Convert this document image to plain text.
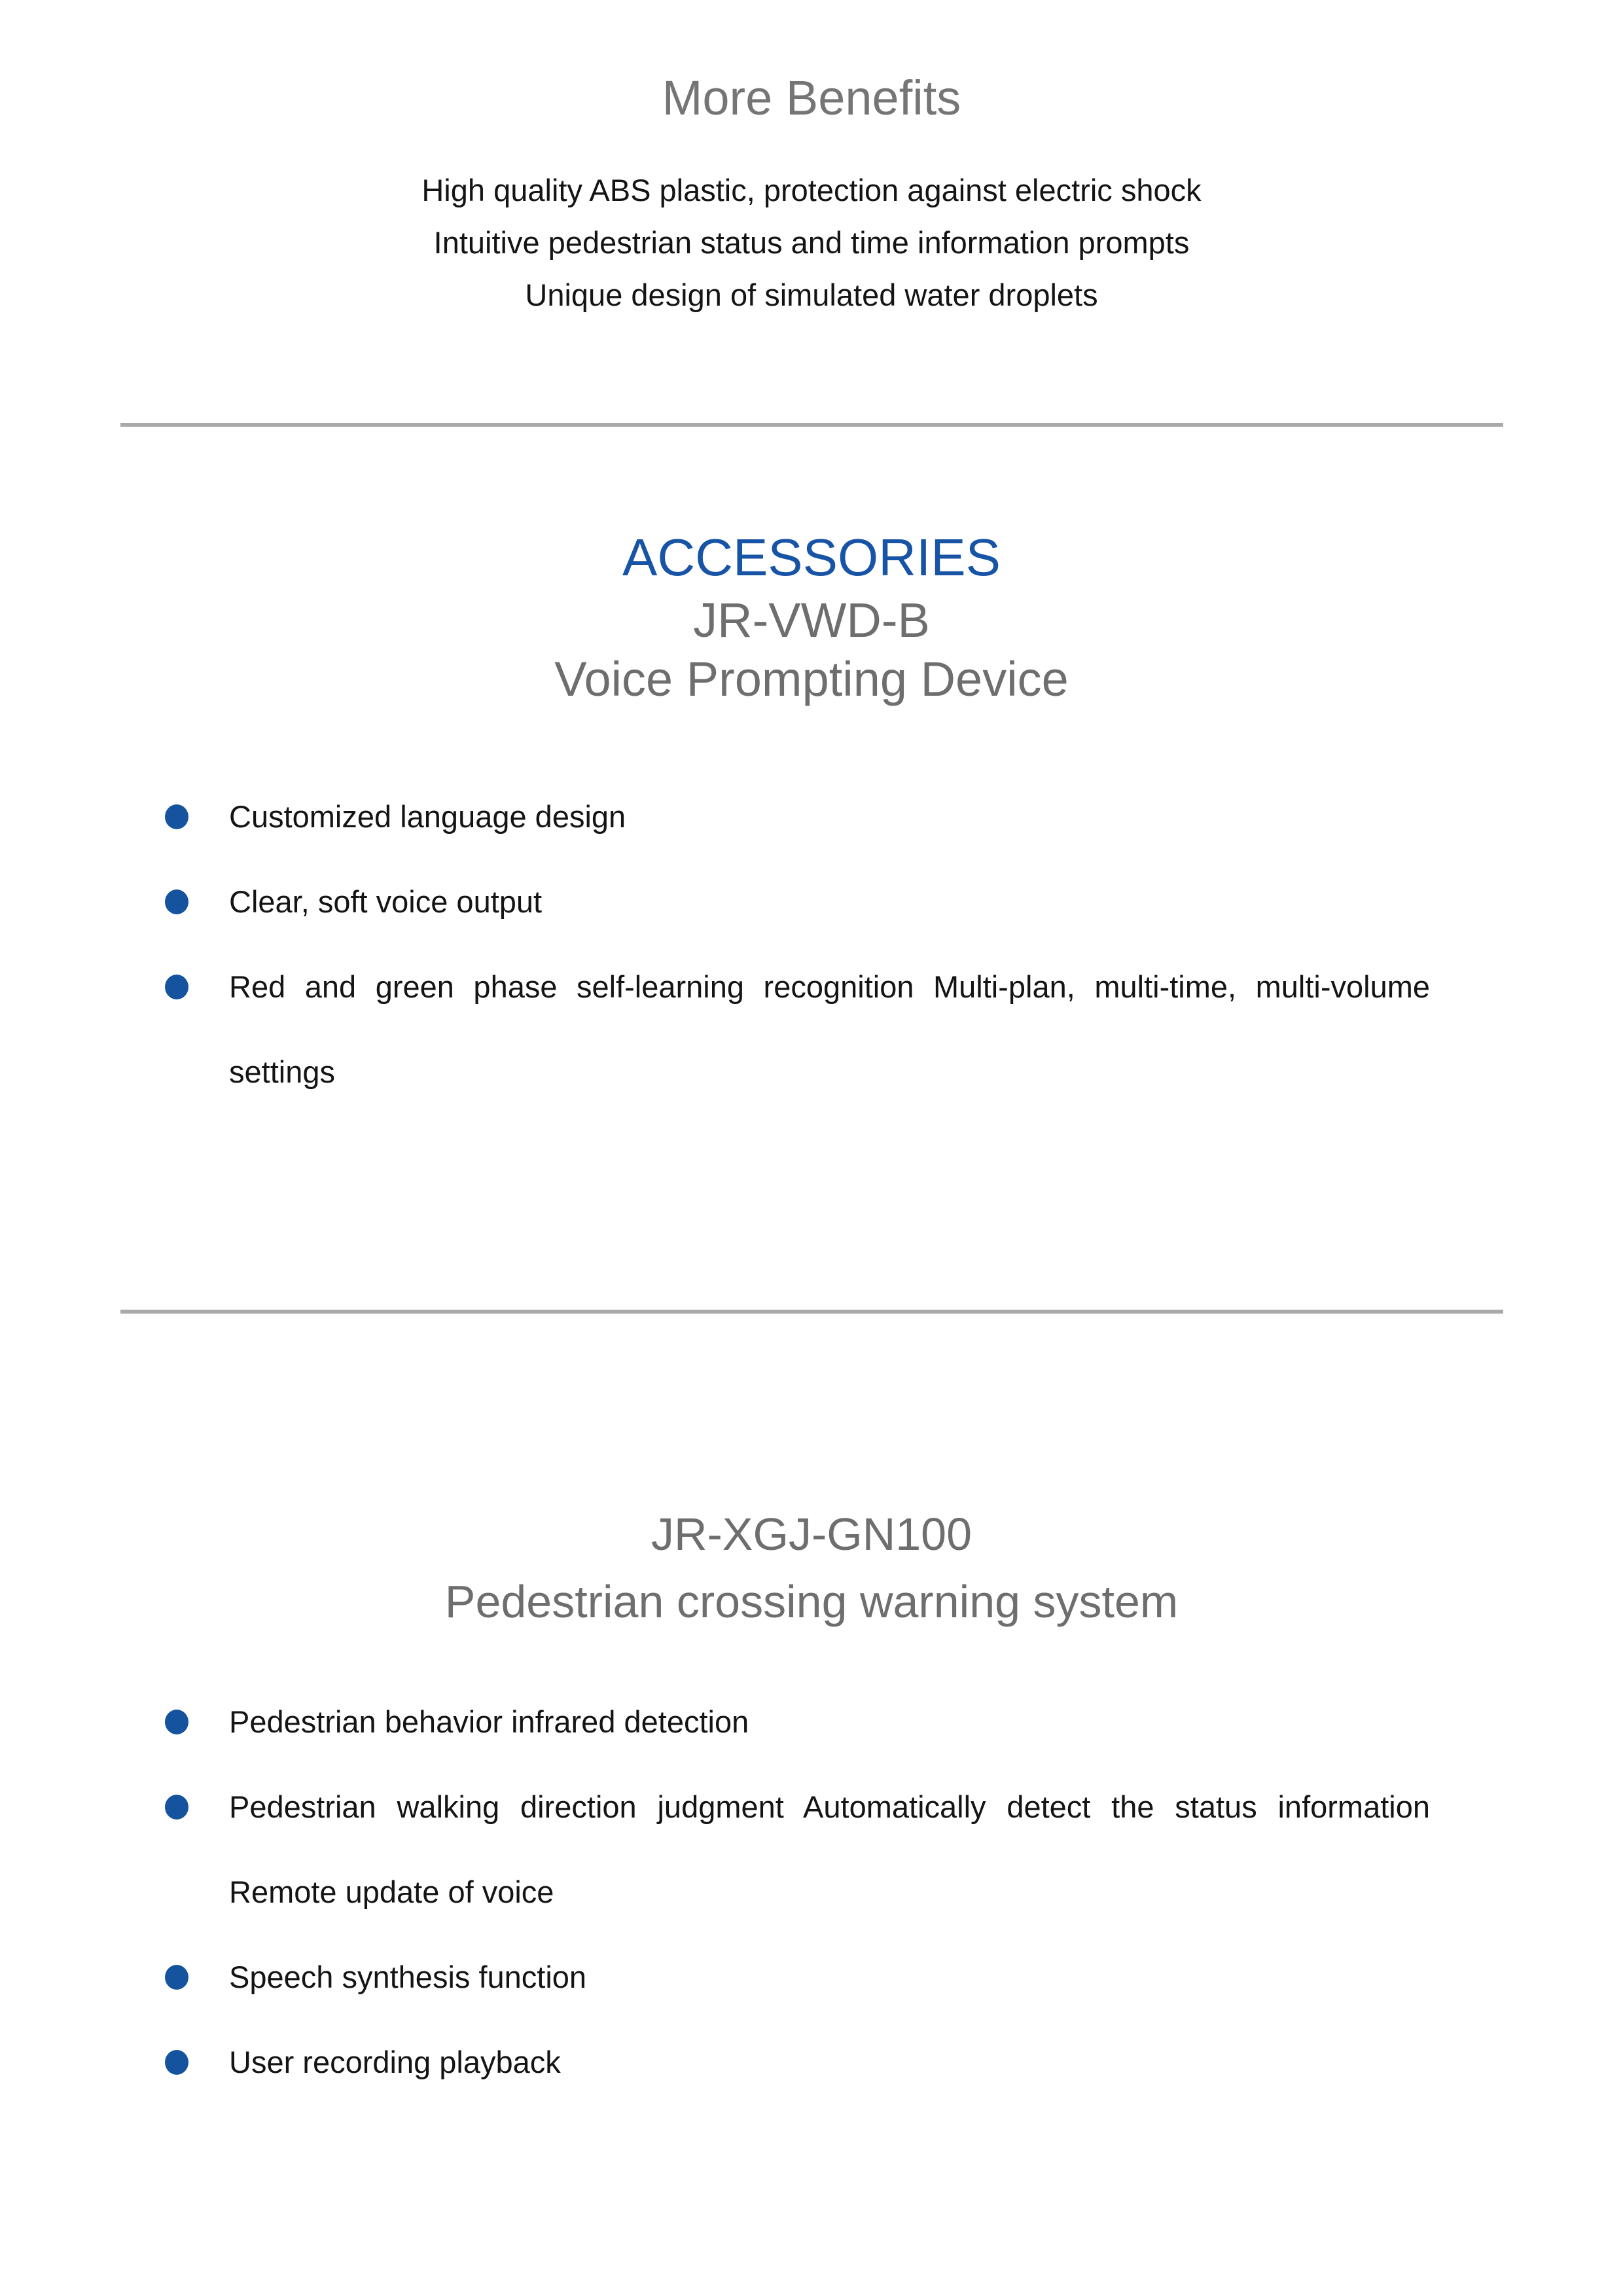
More Benefits
High quality ABS plastic, protection against electric shock
Intuitive pedestrian status and time information prompts
Unique design of simulated water droplets
ACCESSORIES
JR-VWD-B
Voice Prompting Device
Customized language design
Clear, soft voice output
Red and green phase self-learning recognition Multi-plan, multi-time, multi-volume settings
JR-XGJ-GN100
Pedestrian crossing warning system
Pedestrian behavior infrared detection
Pedestrian walking direction judgment Automatically detect the status information Remote update of voice
Speech synthesis function
User recording playback
